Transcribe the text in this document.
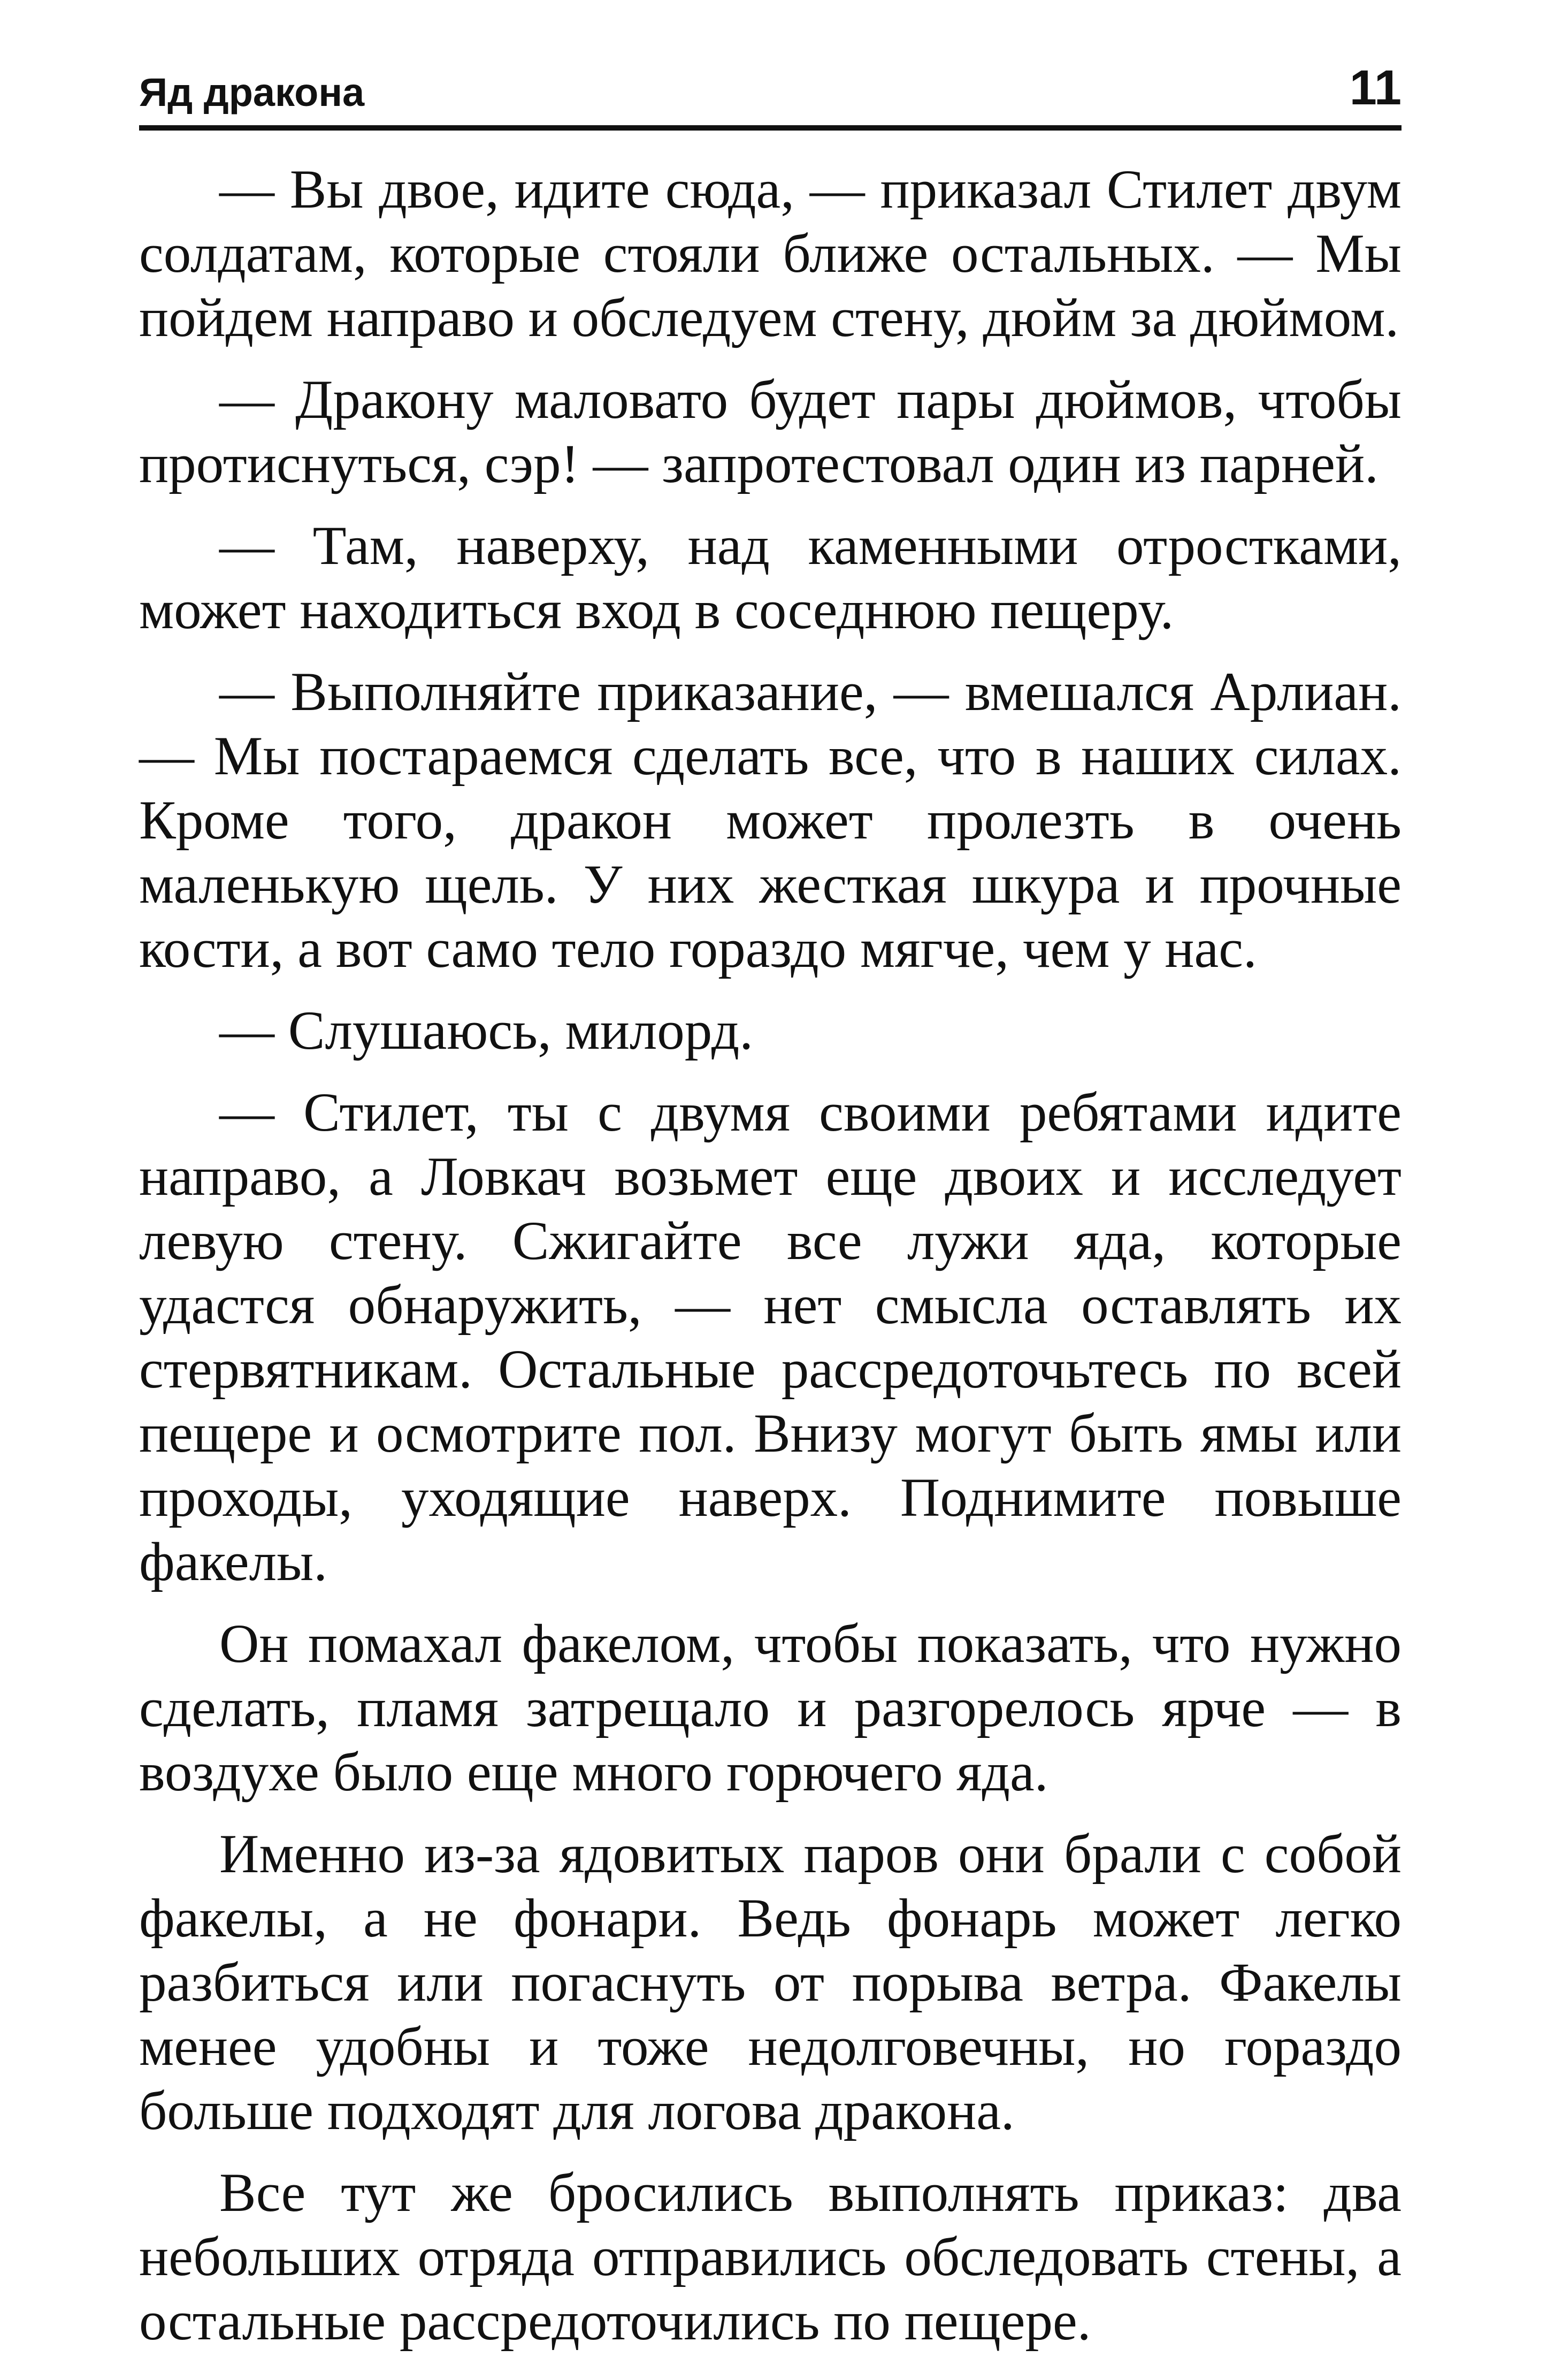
Яд дракона	11

— Вы двое, идите сюда, — приказал Стилет двум солдатам, которые стояли ближе остальных. — Мы пойдем направо и обследуем стену, дюйм за дюймом.

— Дракону маловато будет пары дюймов, чтобы протиснуться, сэр! — запротестовал один из парней.

— Там, наверху, над каменными отростками, может находиться вход в соседнюю пещеру.

— Выполняйте приказание, — вмешался Арлиан. — Мы постараемся сделать все, что в наших силах. Кроме того, дракон может пролезть в очень маленькую щель. У них жесткая шкура и прочные кости, а вот само тело гораздо мягче, чем у нас.

— Слушаюсь, милорд.

— Стилет, ты с двумя своими ребятами идите направо, а Ловкач возьмет еще двоих и исследует левую стену. Сжигайте все лужи яда, которые удастся обнаружить, — нет смысла оставлять их стервятникам. Остальные рассредоточьтесь по всей пещере и осмотрите пол. Внизу могут быть ямы или проходы, уходящие наверх. Поднимите повыше факелы.

Он помахал факелом, чтобы показать, что нужно сделать, пламя затрещало и разгорелось ярче — в воздухе было еще много горючего яда.

Именно из-за ядовитых паров они брали с собой факелы, а не фонари. Ведь фонарь может легко разбиться или погаснуть от порыва ветра. Факелы менее удобны и тоже недолговечны, но гораздо больше подходят для логова дракона.

Все тут же бросились выполнять приказ: два небольших отряда отправились обследовать стены, а остальные рассредоточились по пещере.
